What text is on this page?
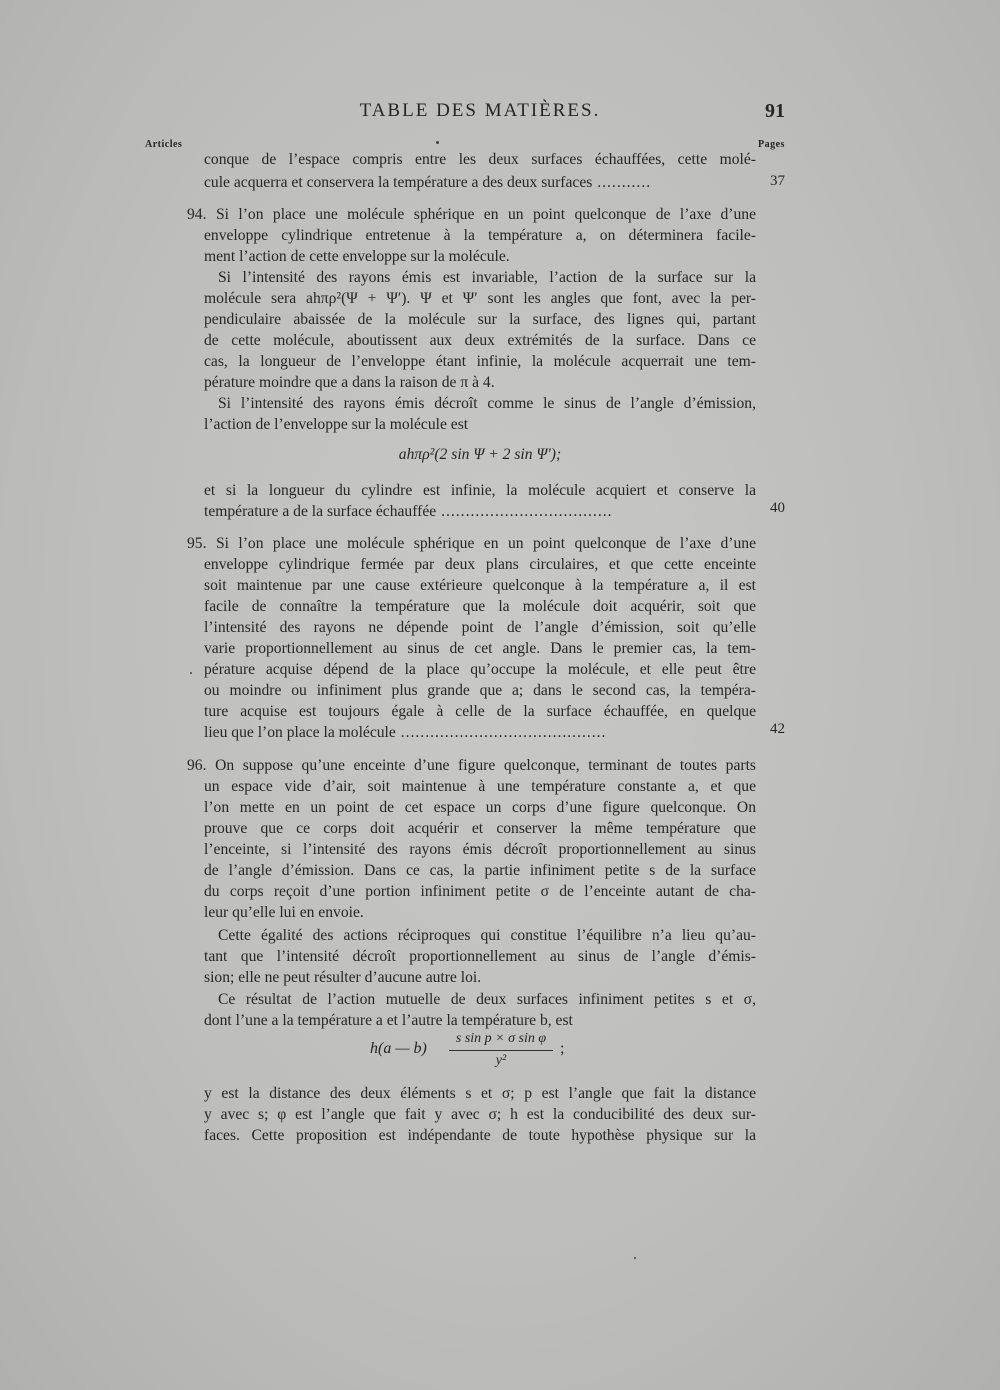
TABLE DES MATIÈRES.	91
Articles	Pages
conque de l’espace compris entre les deux surfaces échauffées, cette molé-
cule acquerra et conservera la température a des deux surfaces ...........	37
94. Si l’on place une molécule sphérique en un point quelconque de l’axe d’une
enveloppe cylindrique entretenue à la température a, on déterminera facile-
ment l’action de cette enveloppe sur la molécule.
Si l’intensité des rayons émis est invariable, l’action de la surface sur la
molécule sera ahπρ²(Ψ + Ψ′). Ψ et Ψ′ sont les angles que font, avec la per-
pendiculaire abaissée de la molécule sur la surface, des lignes qui, partant
de cette molécule, aboutissent aux deux extrémités de la surface. Dans ce
cas, la longueur de l’enveloppe étant infinie, la molécule acquerrait une tem-
pérature moindre que a dans la raison de π à 4.
Si l’intensité des rayons émis décroît comme le sinus de l’angle d’émission,
l’action de l’enveloppe sur la molécule est
ahπρ²(2 sin Ψ + 2 sin Ψ′);
et si la longueur du cylindre est infinie, la molécule acquiert et conserve la
température a de la surface échauffée ...................................	40
95. Si l’on place une molécule sphérique en un point quelconque de l’axe d’une
enveloppe cylindrique fermée par deux plans circulaires, et que cette enceinte
soit maintenue par une cause extérieure quelconque à la température a, il est
facile de connaître la température que la molécule doit acquérir, soit que
l’intensité des rayons ne dépende point de l’angle d’émission, soit qu’elle
varie proportionnellement au sinus de cet angle. Dans le premier cas, la tem-
pérature acquise dépend de la place qu’occupe la molécule, et elle peut être
ou moindre ou infiniment plus grande que a; dans le second cas, la tempéra-
ture acquise est toujours égale à celle de la surface échauffée, en quelque
lieu que l’on place la molécule ..........................................	42
96. On suppose qu’une enceinte d’une figure quelconque, terminant de toutes parts
un espace vide d’air, soit maintenue à une température constante a, et que
l’on mette en un point de cet espace un corps d’une figure quelconque. On
prouve que ce corps doit acquérir et conserver la même température que
l’enceinte, si l’intensité des rayons émis décroît proportionnellement au sinus
de l’angle d’émission. Dans ce cas, la partie infiniment petite s de la surface
du corps reçoit d’une portion infiniment petite σ de l’enceinte autant de cha-
leur qu’elle lui en envoie.
Cette égalité des actions réciproques qui constitue l’équilibre n’a lieu qu’au-
tant que l’intensité décroît proportionnellement au sinus de l’angle d’émis-
sion; elle ne peut résulter d’aucune autre loi.
Ce résultat de l’action mutuelle de deux surfaces infiniment petites s et σ,
dont l’une a la température a et l’autre la température b, est
h(a — b)
s sin p × σ sin φ
y²
;
y est la distance des deux éléments s et σ; p est l’angle que fait la distance
y avec s; φ est l’angle que fait y avec σ; h est la conducibilité des deux sur-
faces. Cette proposition est indépendante de toute hypothèse physique sur la
